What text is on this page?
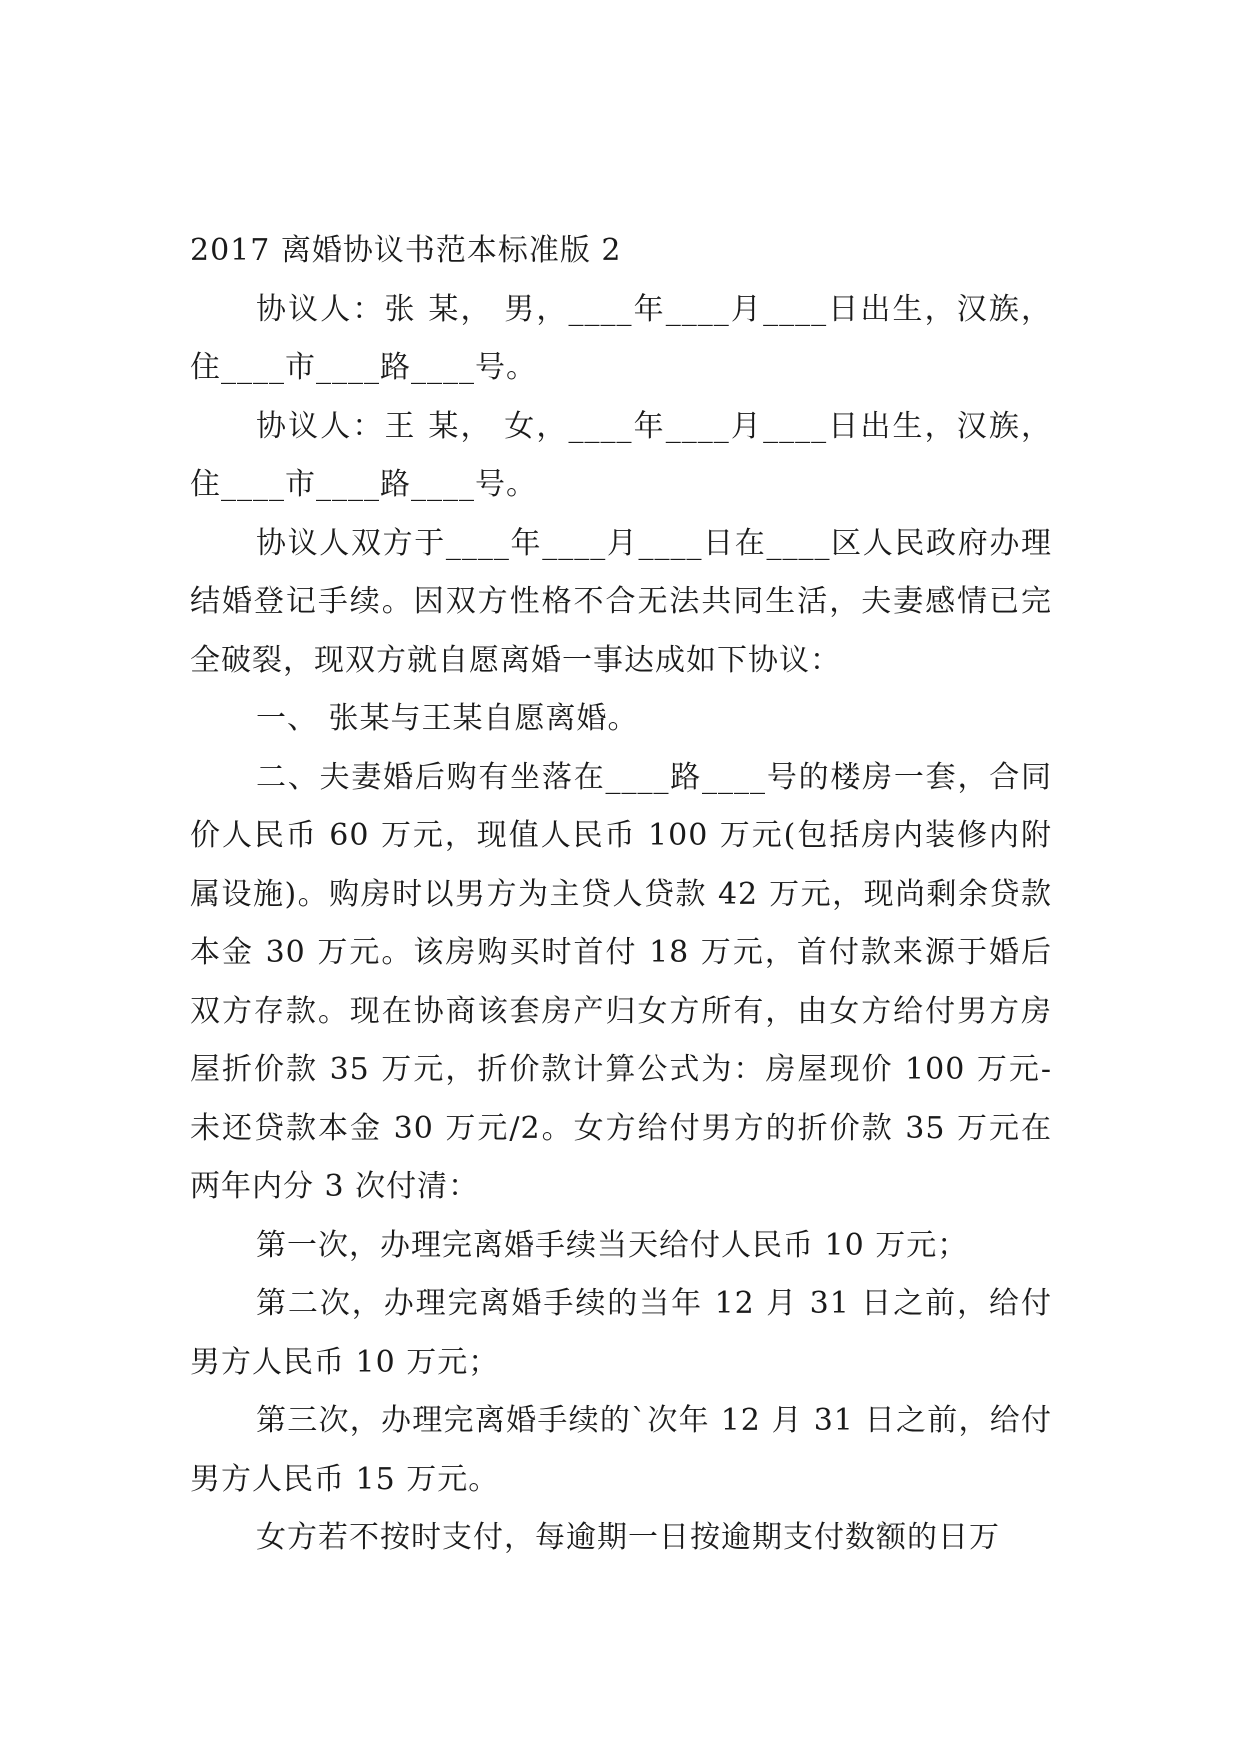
2017 离婚协议书范本标准版 2

协议人：张 某， 男，____年____月____日出生，汉族，住____市____路____号。

协议人：王 某， 女，____年____月____日出生，汉族，住____市____路____号。

协议人双方于____年____月____日在____区人民政府办理结婚登记手续。因双方性格不合无法共同生活，夫妻感情已完全破裂，现双方就自愿离婚一事达成如下协议：

一、 张某与王某自愿离婚。

二、夫妻婚后购有坐落在____路____号的楼房一套，合同价人民币 60 万元，现值人民币 100 万元(包括房内装修内附属设施)。购房时以男方为主贷人贷款 42 万元，现尚剩余贷款本金 30 万元。该房购买时首付 18 万元，首付款来源于婚后双方存款。现在协商该套房产归女方所有，由女方给付男方房屋折价款 35 万元，折价款计算公式为：房屋现价 100 万元-未还贷款本金 30 万元/2。女方给付男方的折价款 35 万元在两年内分 3 次付清：

第一次，办理完离婚手续当天给付人民币 10 万元；

第二次，办理完离婚手续的当年 12 月 31 日之前，给付男方人民币 10 万元；

第三次，办理完离婚手续的`次年 12 月 31 日之前，给付男方人民币 15 万元。

女方若不按时支付，每逾期一日按逾期支付数额的日万
